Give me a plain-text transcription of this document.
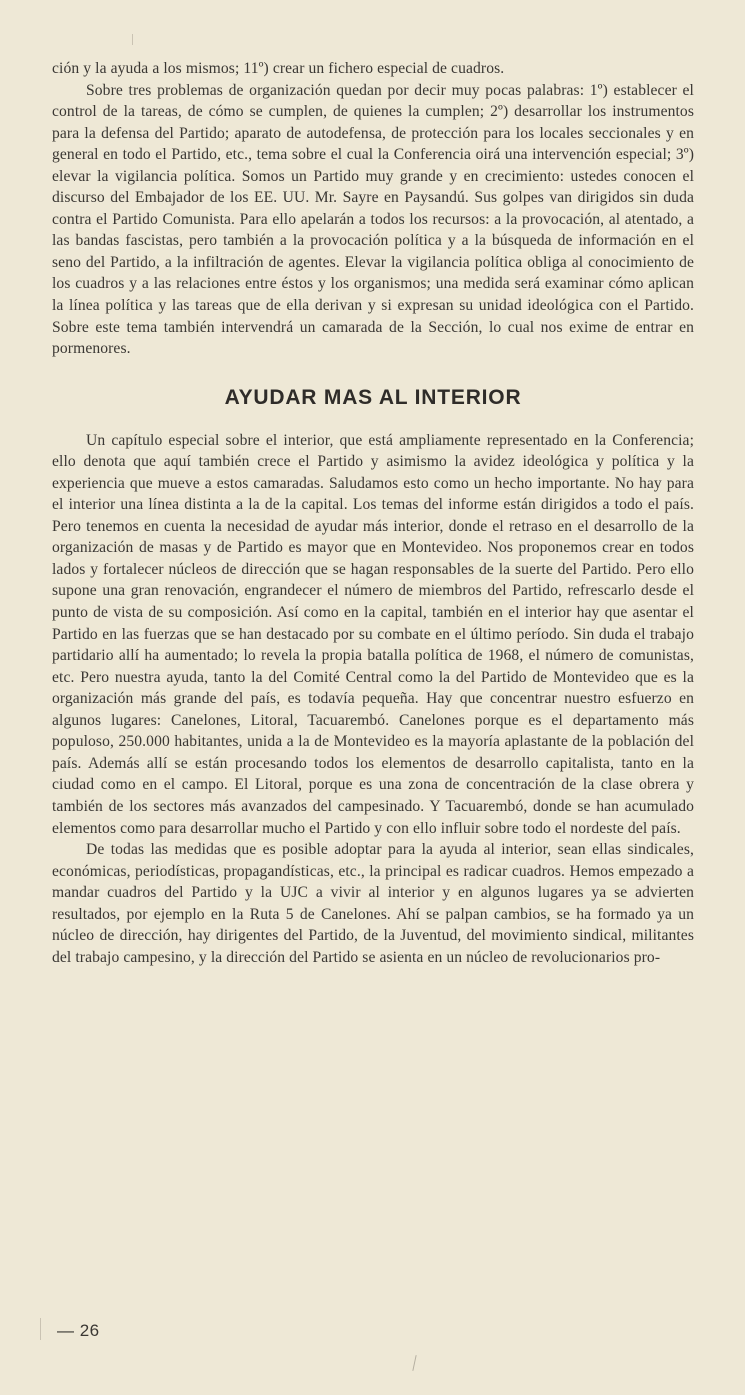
ción y la ayuda a los mismos; 11º) crear un fichero especial de cuadros.

Sobre tres problemas de organización quedan por decir muy pocas palabras: 1º) establecer el control de la tareas, de cómo se cumplen, de quienes la cumplen; 2º) desarrollar los instrumentos para la defensa del Partido; aparato de autodefensa, de protección para los locales seccionales y en general en todo el Partido, etc., tema sobre el cual la Conferencia oirá una intervención especial; 3º) elevar la vigilancia política. Somos un Partido muy grande y en crecimiento: ustedes conocen el discurso del Embajador de los EE. UU. Mr. Sayre en Paysandú. Sus golpes van dirigidos sin duda contra el Partido Comunista. Para ello apelarán a todos los recursos: a la provocación, al atentado, a las bandas fascistas, pero también a la provocación política y a la búsqueda de información en el seno del Partido, a la infiltración de agentes. Elevar la vigilancia política obliga al conocimiento de los cuadros y a las relaciones entre éstos y los organismos; una medida será examinar cómo aplican la línea política y las tareas que de ella derivan y si expresan su unidad ideológica con el Partido. Sobre este tema también intervendrá un camarada de la Sección, lo cual nos exime de entrar en pormenores.

AYUDAR MAS AL INTERIOR

Un capítulo especial sobre el interior, que está ampliamente representado en la Conferencia; ello denota que aquí también crece el Partido y asimismo la avidez ideológica y política y la experiencia que mueve a estos camaradas. Saludamos esto como un hecho importante. No hay para el interior una línea distinta a la de la capital. Los temas del informe están dirigidos a todo el país. Pero tenemos en cuenta la necesidad de ayudar más interior, donde el retraso en el desarrollo de la organización de masas y de Partido es mayor que en Montevideo. Nos proponemos crear en todos lados y fortalecer núcleos de dirección que se hagan responsables de la suerte del Partido. Pero ello supone una gran renovación, engrandecer el número de miembros del Partido, refrescarlo desde el punto de vista de su composición. Así como en la capital, también en el interior hay que asentar el Partido en las fuerzas que se han destacado por su combate en el último período. Sin duda el trabajo partidario allí ha aumentado; lo revela la propia batalla política de 1968, el número de comunistas, etc. Pero nuestra ayuda, tanto la del Comité Central como la del Partido de Montevideo que es la organización más grande del país, es todavía pequeña. Hay que concentrar nuestro esfuerzo en algunos lugares: Canelones, Litoral, Tacuarembó. Canelones porque es el departamento más populoso, 250.000 habitantes, unida a la de Montevideo es la mayoría aplastante de la población del país. Además allí se están procesando todos los elementos de desarrollo capitalista, tanto en la ciudad como en el campo. El Litoral, porque es una zona de concentración de la clase obrera y también de los sectores más avanzados del campesinado. Y Tacuarembó, donde se han acumulado elementos como para desarrollar mucho el Partido y con ello influir sobre todo el nordeste del país.

De todas las medidas que es posible adoptar para la ayuda al interior, sean ellas sindicales, económicas, periodísticas, propagandísticas, etc., la principal es radicar cuadros. Hemos empezado a mandar cuadros del Partido y la UJC a vivir al interior y en algunos lugares ya se advierten resultados, por ejemplo en la Ruta 5 de Canelones. Ahí se palpan cambios, se ha formado ya un núcleo de dirección, hay dirigentes del Partido, de la Juventud, del movimiento sindical, militantes del trabajo campesino, y la dirección del Partido se asienta en un núcleo de revolucionarios pro-

— 26
